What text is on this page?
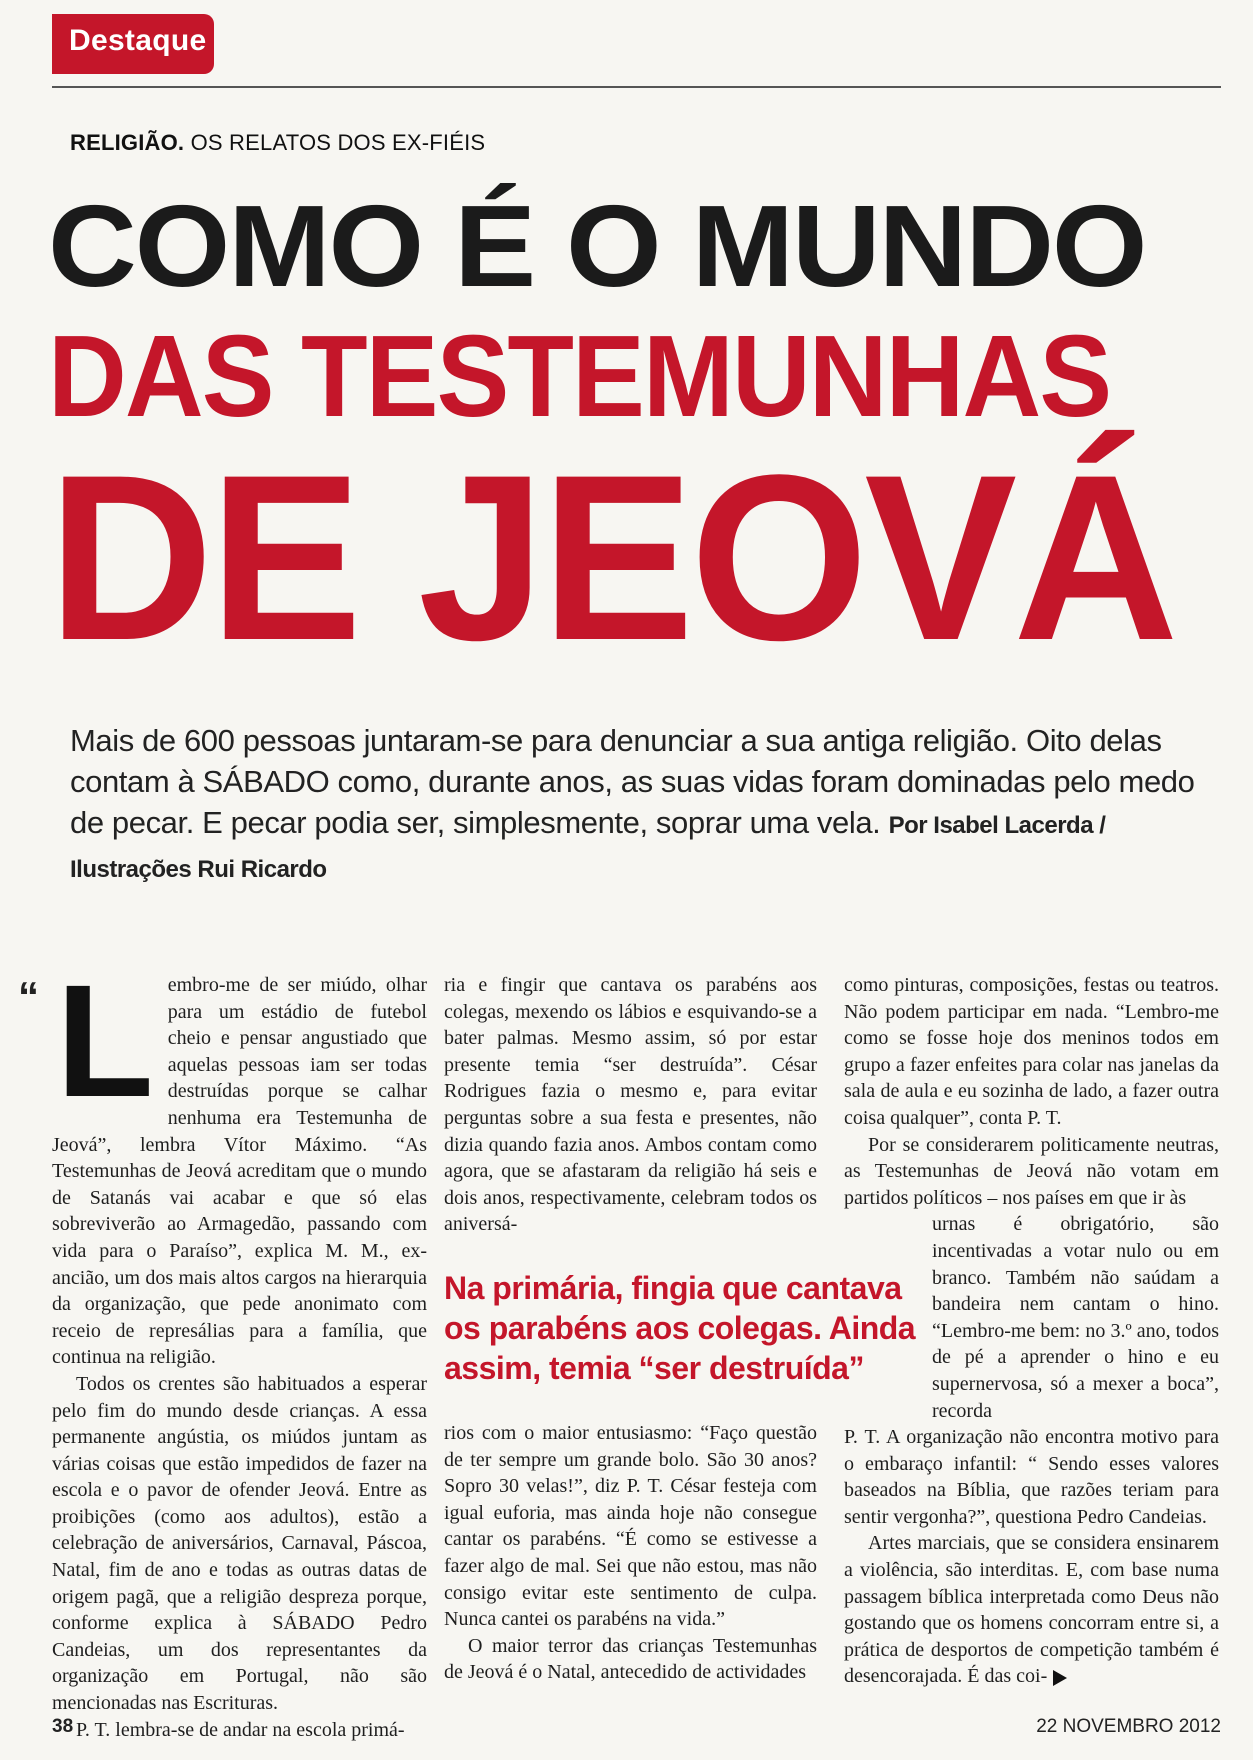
Destaque
RELIGIÃO. OS RELATOS DOS EX-FIÉIS
COMO É O MUNDO
DAS TESTEMUNHAS
DE JEOVÁ
Mais de 600 pessoas juntaram-se para denunciar a sua antiga religião. Oito delas contam à SÁBADO como, durante anos, as suas vidas foram dominadas pelo medo de pecar. E pecar podia ser, simplesmente, soprar uma vela. Por Isabel Lacerda / Ilustrações Rui Ricardo
“ Lembro-me de ser miúdo, olhar para um estádio de futebol cheio e pensar angustiado que aquelas pessoas iam ser todas destruídas porque se calhar nenhuma era Testemunha de Jeová”, lembra Vítor Máximo. “As Testemunhas de Jeová acreditam que o mundo de Satanás vai acabar e que só elas sobreviverão ao Armagedão, passando com vida para o Paraíso”, explica M. M., ex-ancião, um dos mais altos cargos na hierarquia da organização, que pede anonimato com receio de represálias para a família, que continua na religião.

Todos os crentes são habituados a esperar pelo fim do mundo desde crianças. A essa permanente angústia, os miúdos juntam as várias coisas que estão impedidos de fazer na escola e o pavor de ofender Jeová. Entre as proibições (como aos adultos), estão a celebração de aniversários, Carnaval, Páscoa, Natal, fim de ano e todas as outras datas de origem pagã, que a religião despreza porque, conforme explica à SÁBADO Pedro Candeias, um dos representantes da organização em Portugal, não são mencionadas nas Escrituras.

P. T. lembra-se de andar na escola primá-

ria e fingir que cantava os parabéns aos colegas, mexendo os lábios e esquivando-se a bater palmas. Mesmo assim, só por estar presente temia “ser destruída”. César Rodrigues fazia o mesmo e, para evitar perguntas sobre a sua festa e presentes, não dizia quando fazia anos. Ambos contam como agora, que se afastaram da religião há seis e dois anos, respectivamente, celebram todos os aniversá-

Na primária, fingia que cantava os parabéns aos colegas. Ainda assim, temia “ser destruída”

rios com o maior entusiasmo: “Faço questão de ter sempre um grande bolo. São 30 anos? Sopro 30 velas!”, diz P. T. César festeja com igual euforia, mas ainda hoje não consegue cantar os parabéns. “É como se estivesse a fazer algo de mal. Sei que não estou, mas não consigo evitar este sentimento de culpa. Nunca cantei os parabéns na vida.”

O maior terror das crianças Testemunhas de Jeová é o Natal, antecedido de actividades

como pinturas, composições, festas ou teatros. Não podem participar em nada. “Lembro-me como se fosse hoje dos meninos todos em grupo a fazer enfeites para colar nas janelas da sala de aula e eu sozinha de lado, a fazer outra coisa qualquer”, conta P. T.

Por se considerarem politicamente neutras, as Testemunhas de Jeová não votam em partidos políticos – nos países em que ir às

urnas é obrigatório, são incentivadas a votar nulo ou em branco. Também não saúdam a bandeira nem cantam o hino. “Lembro-me bem: no 3.º ano, todos de pé a aprender o hino e eu supernervosa, só a mexer a boca”, recorda

P. T. A organização não encontra motivo para o embaraço infantil: “ Sendo esses valores baseados na Bíblia, que razões teriam para sentir vergonha?”, questiona Pedro Candeias.

Artes marciais, que se considera ensinarem a violência, são interditas. E, com base numa passagem bíblica interpretada como Deus não gostando que os homens concorram entre si, a prática de desportos de competição também é desencorajada. É das coi-

38	22 NOVEMBRO 2012
